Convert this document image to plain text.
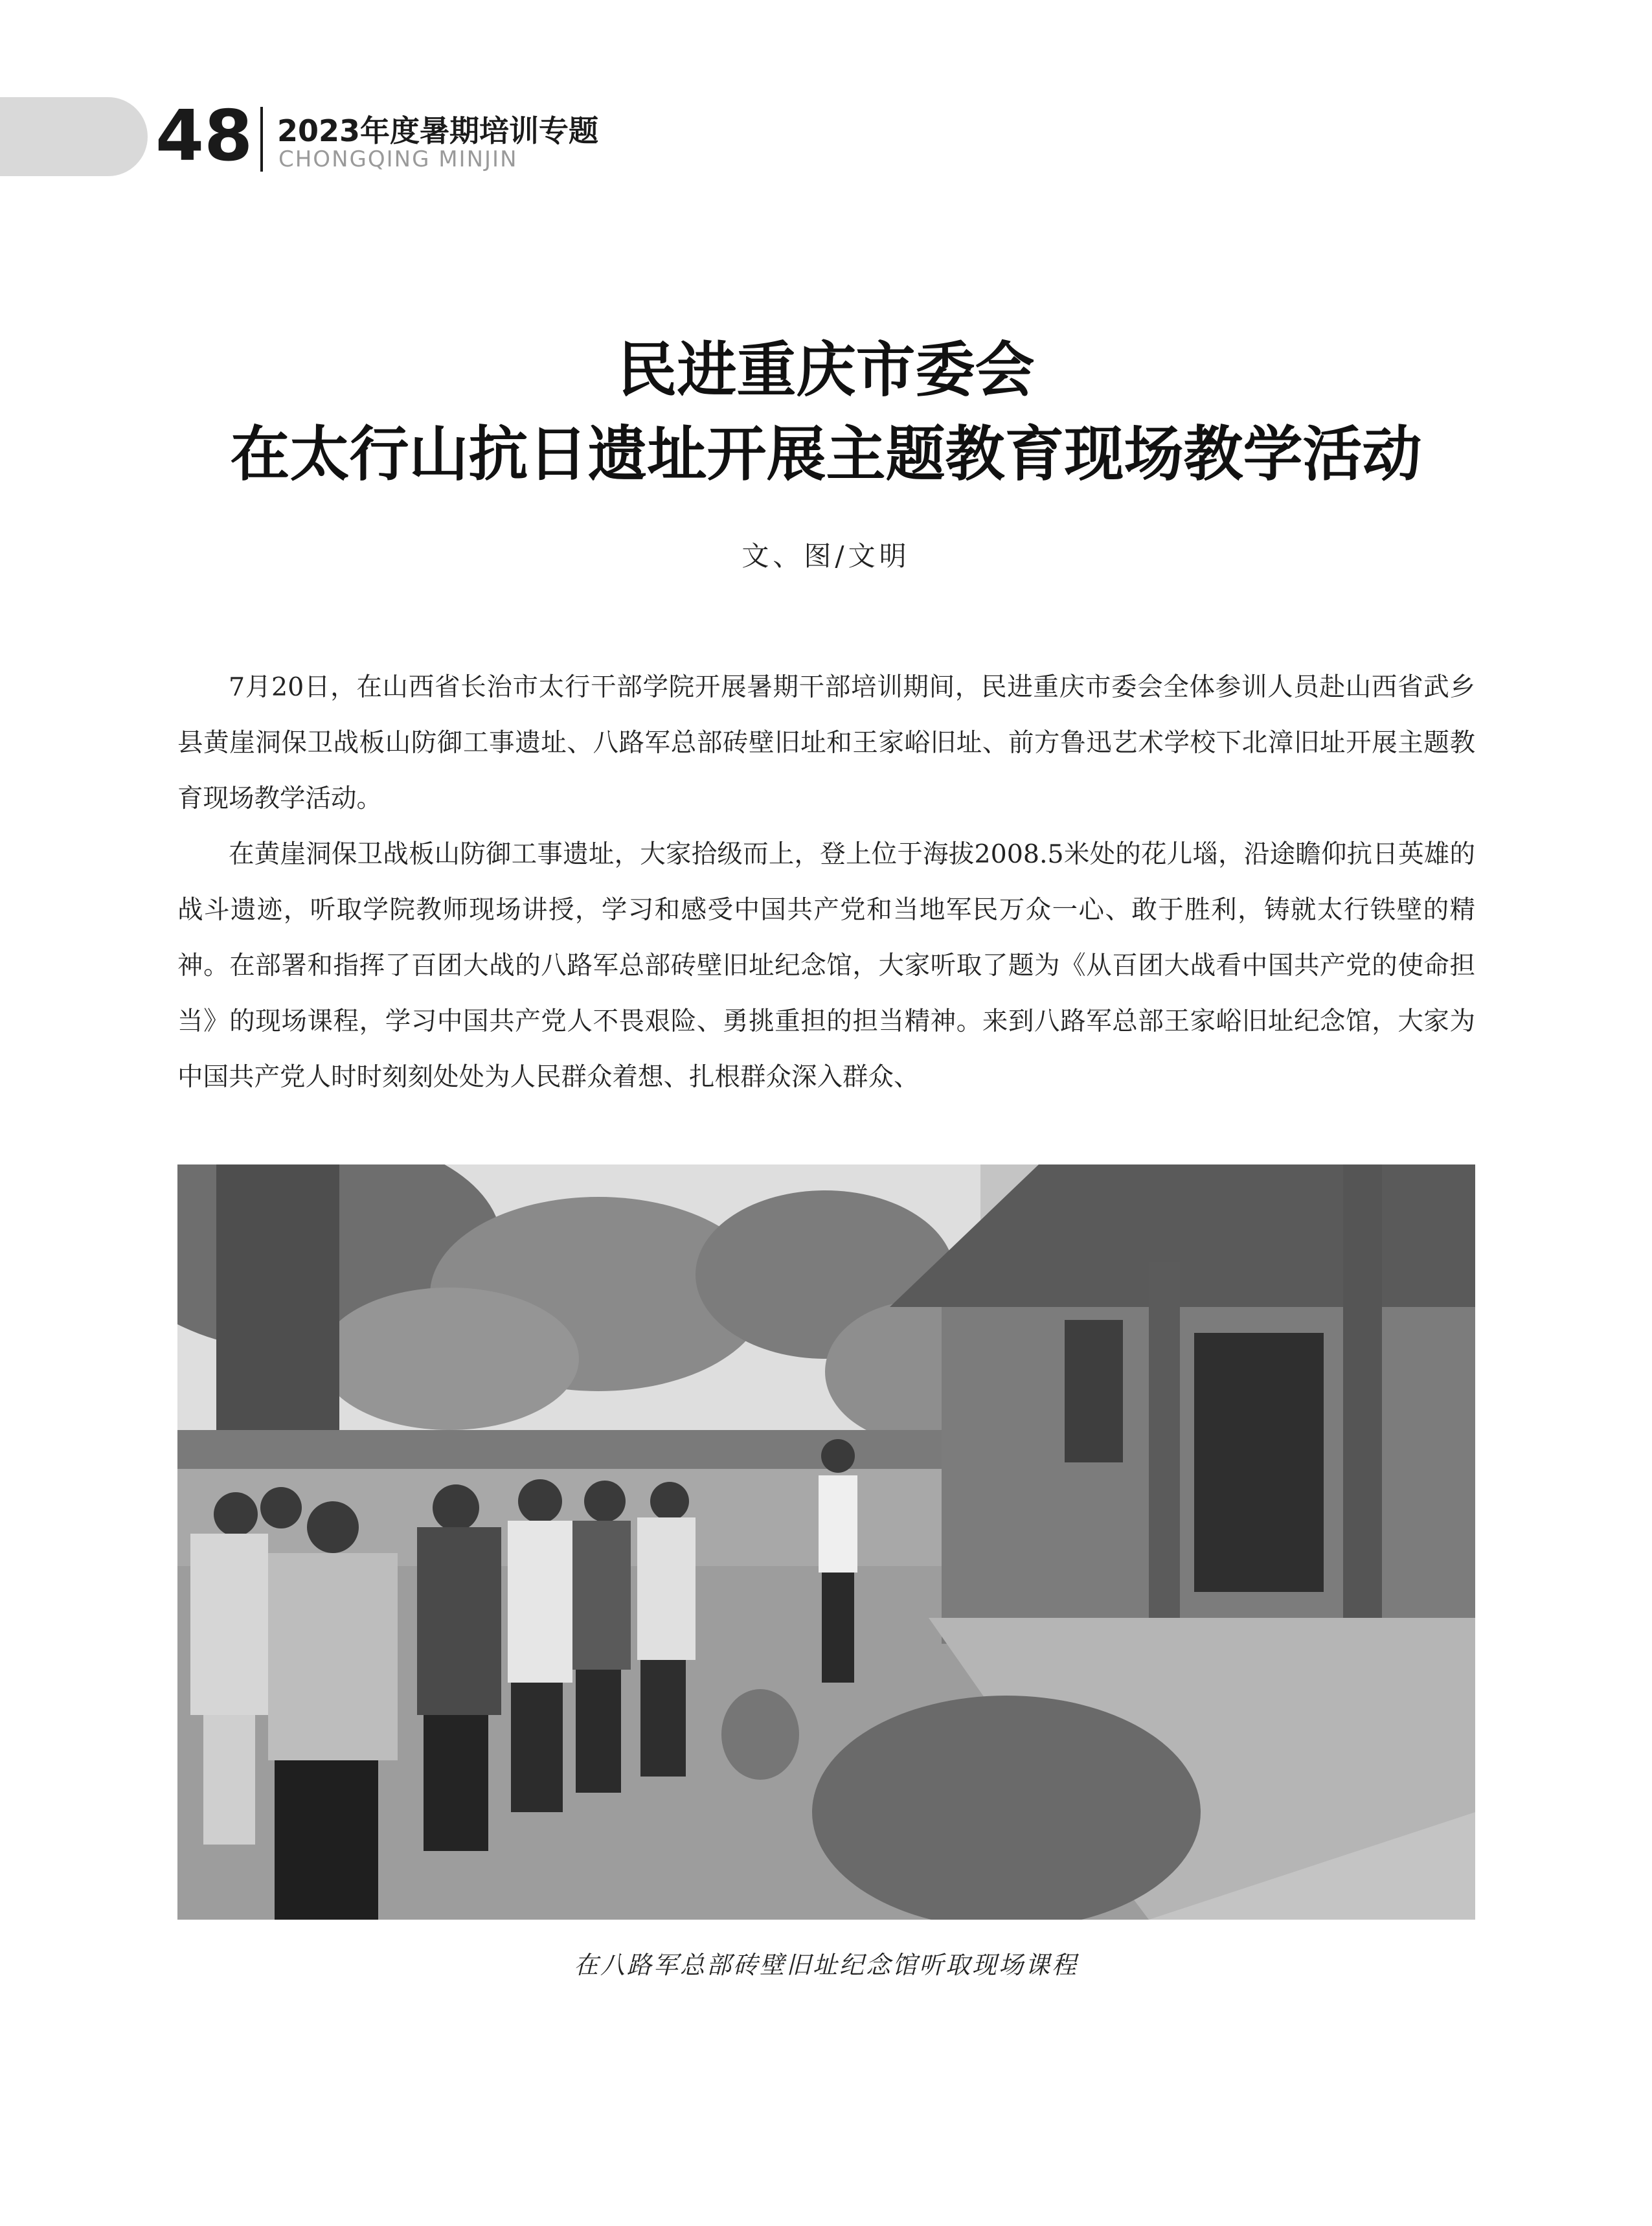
48 2023年度暑期培训专题
CHONGQING MINJIN
民进重庆市委会
在太行山抗日遗址开展主题教育现场教学活动
文、图/文明

7月20日，在山西省长治市太行干部学院开展暑期干部培训期间，民进重庆市委会全体参训人员赴山西省武乡县黄崖洞保卫战板山防御工事遗址、八路军总部砖壁旧址和王家峪旧址、前方鲁迅艺术学校下北漳旧址开展主题教育现场教学活动。

在黄崖洞保卫战板山防御工事遗址，大家拾级而上，登上位于海拔2008.5米处的花儿堖，沿途瞻仰抗日英雄的战斗遗迹，听取学院教师现场讲授，学习和感受中国共产党和当地军民万众一心、敢于胜利，铸就太行铁壁的精神。在部署和指挥了百团大战的八路军总部砖壁旧址纪念馆，大家听取了题为《从百团大战看中国共产党的使命担当》的现场课程，学习中国共产党人不畏艰险、勇挑重担的担当精神。来到八路军总部王家峪旧址纪念馆，大家为中国共产党人时时刻刻处处为人民群众着想、扎根群众深入群众、

在八路军总部砖壁旧址纪念馆听取现场课程
